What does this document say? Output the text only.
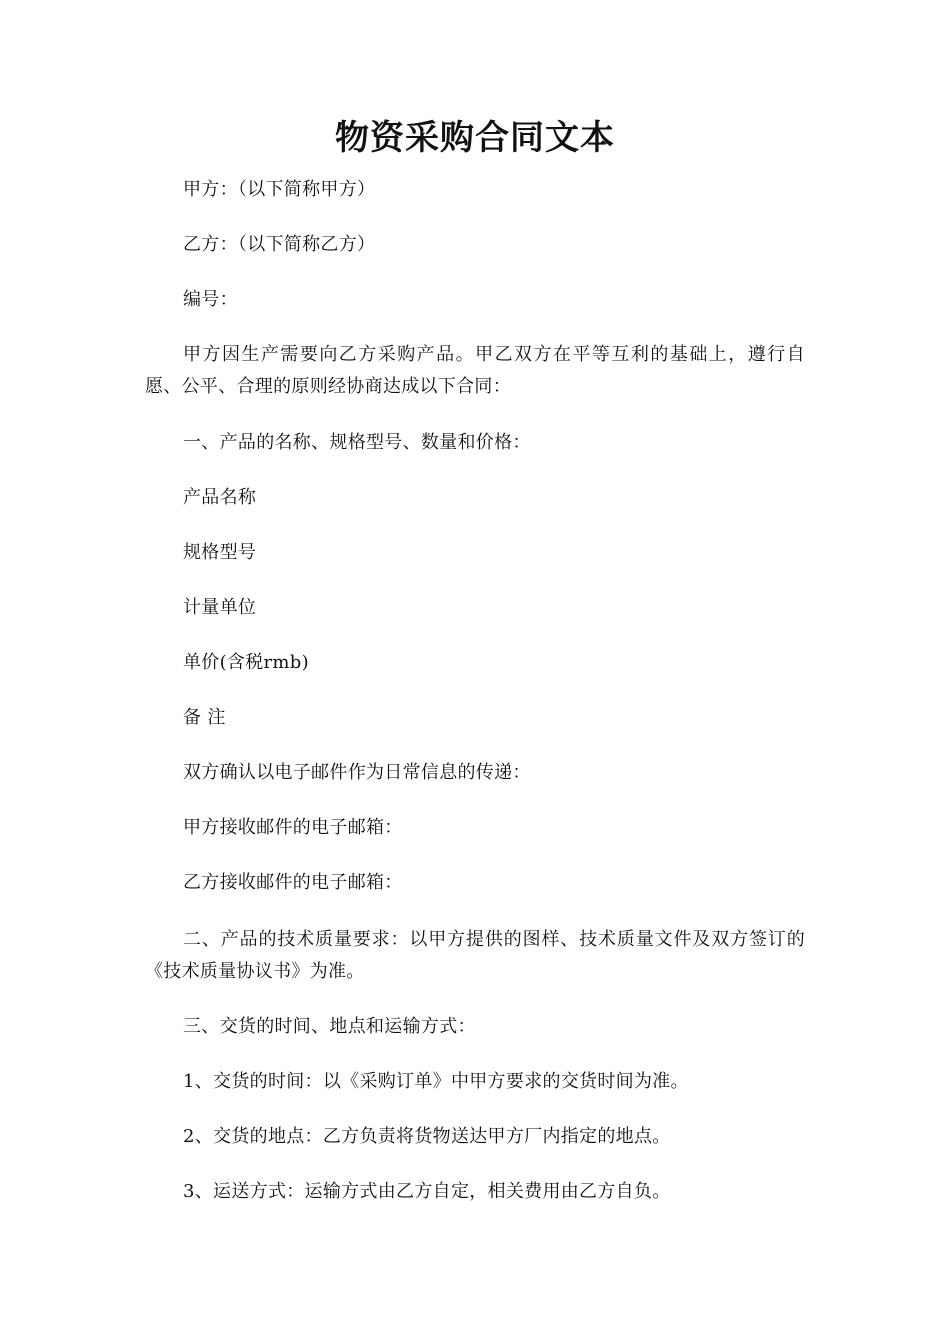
物资采购合同文本

甲方：（以下简称甲方）

乙方：（以下简称乙方）

编号：

甲方因生产需要向乙方采购产品。甲乙双方在平等互利的基础上，遵行自愿、公平、合理的原则经协商达成以下合同：

一、产品的名称、规格型号、数量和价格：

产品名称

规格型号

计量单位

单价(含税rmb)

备 注

双方确认以电子邮件作为日常信息的传递：

甲方接收邮件的电子邮箱：

乙方接收邮件的电子邮箱：

二、产品的技术质量要求：以甲方提供的图样、技术质量文件及双方签订的《技术质量协议书》为准。

三、交货的时间、地点和运输方式：

1、交货的时间：以《采购订单》中甲方要求的交货时间为准。

2、交货的地点：乙方负责将货物送达甲方厂内指定的地点。

3、运送方式：运输方式由乙方自定，相关费用由乙方自负。
